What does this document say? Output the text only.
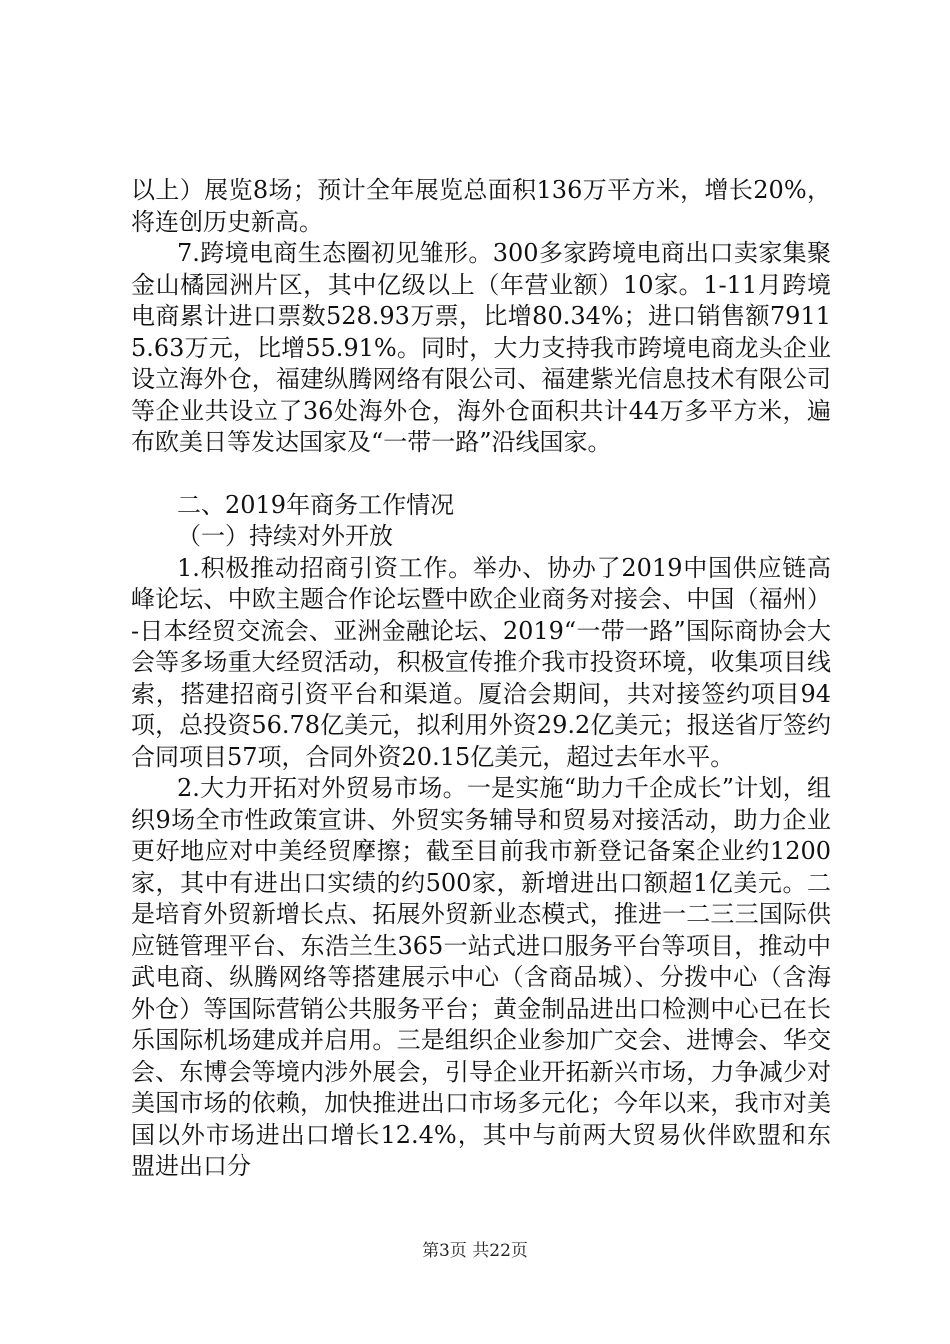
以上）展览8场；预计全年展览总面积136万平方米，增长20%，将连创历史新高。

7.跨境电商生态圈初见雏形。300多家跨境电商出口卖家集聚金山橘园洲片区，其中亿级以上（年营业额）10家。1-11月跨境电商累计进口票数528.93万票，比增80.34%；进口销售额79115.63万元，比增55.91%。同时，大力支持我市跨境电商龙头企业设立海外仓，福建纵腾网络有限公司、福建紫光信息技术有限公司等企业共设立了36处海外仓，海外仓面积共计44万多平方米，遍布欧美日等发达国家及“一带一路”沿线国家。

二、2019年商务工作情况

（一）持续对外开放

1.积极推动招商引资工作。举办、协办了2019中国供应链高峰论坛、中欧主题合作论坛暨中欧企业商务对接会、中国（福州）-日本经贸交流会、亚洲金融论坛、2019“一带一路”国际商协会大会等多场重大经贸活动，积极宣传推介我市投资环境，收集项目线索，搭建招商引资平台和渠道。厦洽会期间，共对接签约项目94项，总投资56.78亿美元，拟利用外资29.2亿美元；报送省厅签约合同项目57项，合同外资20.15亿美元，超过去年水平。

2.大力开拓对外贸易市场。一是实施“助力千企成长”计划，组织9场全市性政策宣讲、外贸实务辅导和贸易对接活动，助力企业更好地应对中美经贸摩擦；截至目前我市新登记备案企业约1200家，其中有进出口实绩的约500家，新增进出口额超1亿美元。二是培育外贸新增长点、拓展外贸新业态模式，推进一二三三国际供应链管理平台、东浩兰生365一站式进口服务平台等项目，推动中武电商、纵腾网络等搭建展示中心（含商品城）、分拨中心（含海外仓）等国际营销公共服务平台；黄金制品进出口检测中心已在长乐国际机场建成并启用。三是组织企业参加广交会、进博会、华交会、东博会等境内涉外展会，引导企业开拓新兴市场，力争减少对美国市场的依赖，加快推进出口市场多元化；今年以来，我市对美国以外市场进出口增长12.4%，其中与前两大贸易伙伴欧盟和东盟进出口分

第3页 共22页
